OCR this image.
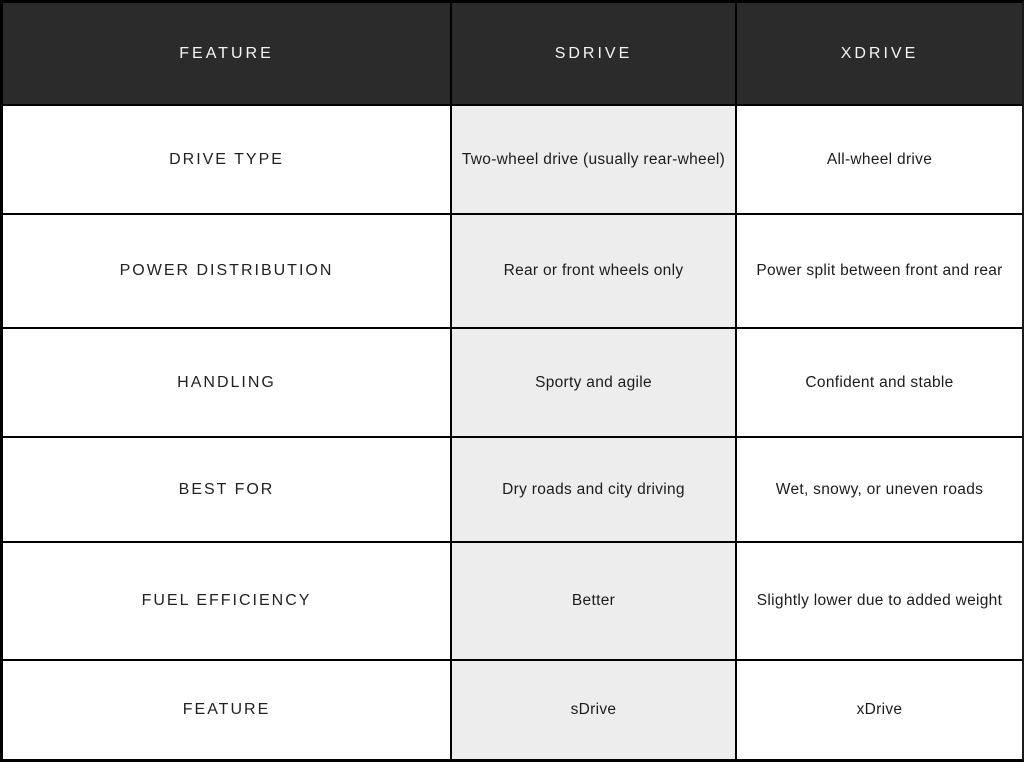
FEATURE	SDRIVE	XDRIVE
DRIVE TYPE	Two-wheel drive (usually rear-wheel)	All-wheel drive
POWER DISTRIBUTION	Rear or front wheels only	Power split between front and rear
HANDLING	Sporty and agile	Confident and stable
BEST FOR	Dry roads and city driving	Wet, snowy, or uneven roads
FUEL EFFICIENCY	Better	Slightly lower due to added weight
FEATURE	sDrive	xDrive
